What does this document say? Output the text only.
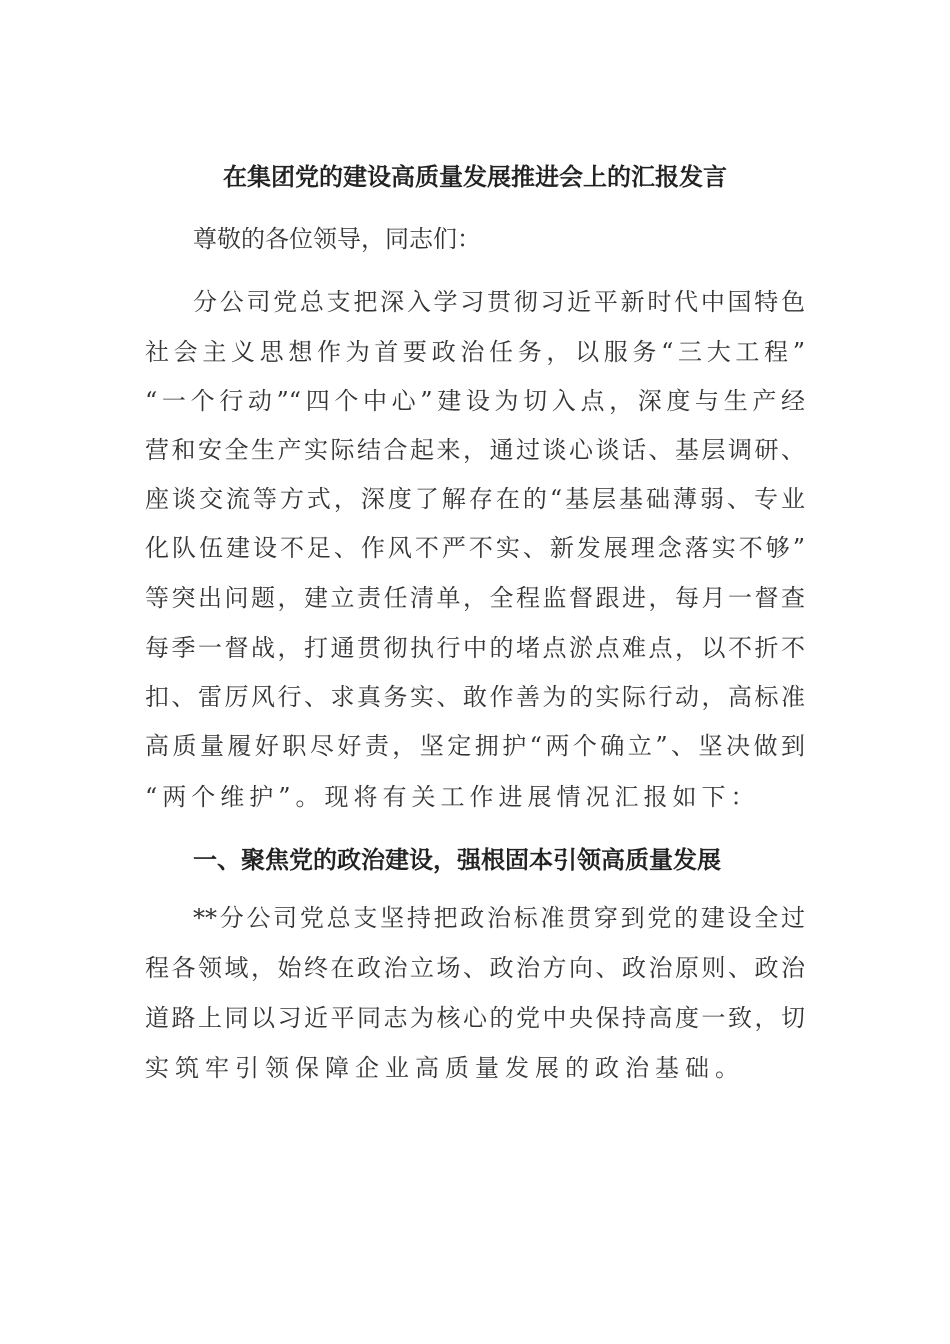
在集团党的建设高质量发展推进会上的汇报发言
尊敬的各位领导，同志们：
分公司党总支把深入学习贯彻习近平新时代中国特色
社会主义思想作为首要政治任务，以服务“三大工程”
“一个行动”“四个中心”建设为切入点，深度与生产经
营和安全生产实际结合起来，通过谈心谈话、基层调研、
座谈交流等方式，深度了解存在的“基层基础薄弱、专业
化队伍建设不足、作风不严不实、新发展理念落实不够”
等突出问题，建立责任清单，全程监督跟进，每月一督查
每季一督战，打通贯彻执行中的堵点淤点难点，以不折不
扣、雷厉风行、求真务实、敢作善为的实际行动，高标准
高质量履好职尽好责，坚定拥护“两个确立”、坚决做到
“两个维护”。现将有关工作进展情况汇报如下：
一、聚焦党的政治建设，强根固本引领高质量发展
**分公司党总支坚持把政治标准贯穿到党的建设全过
程各领域，始终在政治立场、政治方向、政治原则、政治
道路上同以习近平同志为核心的党中央保持高度一致，切
实筑牢引领保障企业高质量发展的政治基础。
